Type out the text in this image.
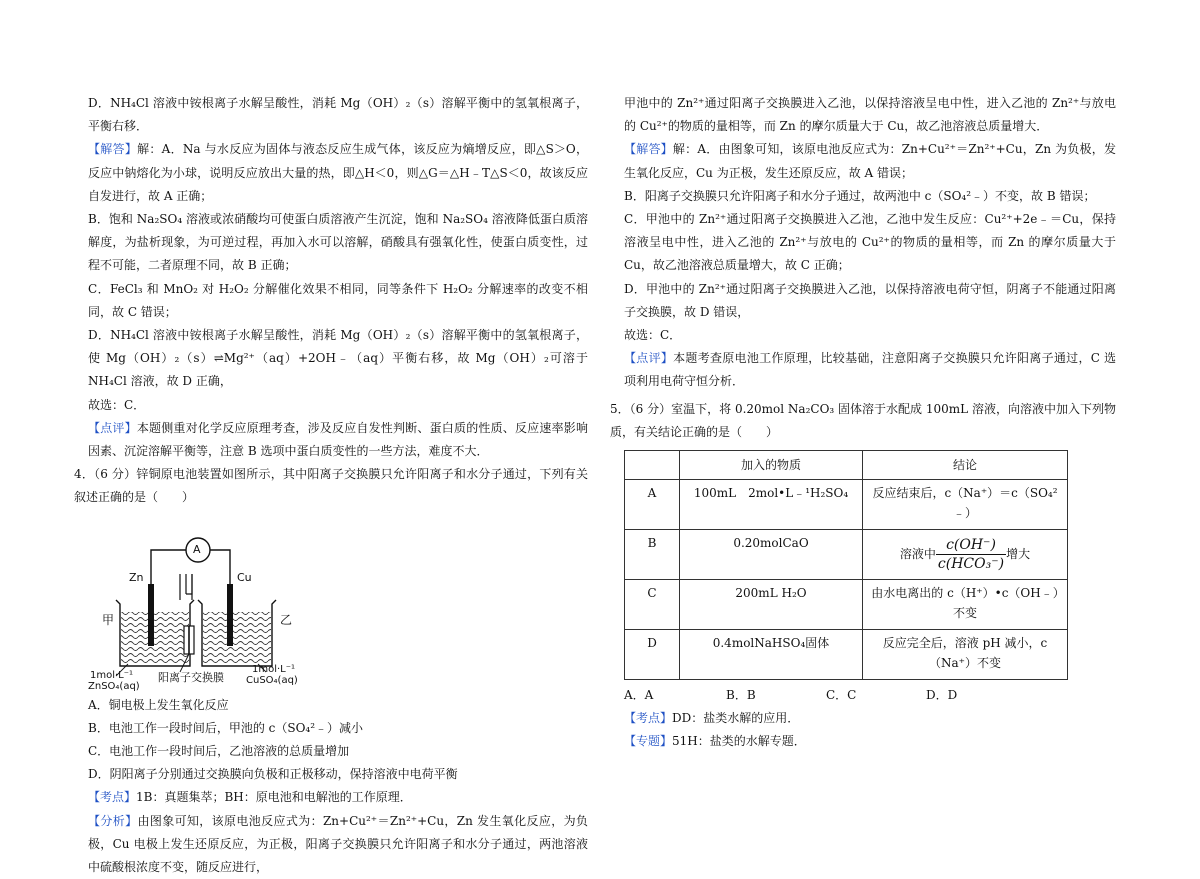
D．NH₄Cl 溶液中铵根离子水解呈酸性，消耗 Mg（OH）₂（s）溶解平衡中的氢氧根离子，平衡右移．

【解答】解：A．Na 与水反应为固体与液态反应生成气体，该反应为熵增反应，即△S＞O，反应中钠熔化为小球，说明反应放出大量的热，即△H＜0，则△G＝△H﹣T△S＜0，故该反应自发进行，故 A 正确；

B．饱和 Na₂SO₄ 溶液或浓硝酸均可使蛋白质溶液产生沉淀，饱和 Na₂SO₄ 溶液降低蛋白质溶解度，为盐析现象，为可逆过程，再加入水可以溶解，硝酸具有强氧化性，使蛋白质变性，过程不可能，二者原理不同，故 B 正确；

C．FeCl₃ 和 MnO₂ 对 H₂O₂ 分解催化效果不相同，同等条件下 H₂O₂ 分解速率的改变不相同，故 C 错误；

D．NH₄Cl 溶液中铵根离子水解呈酸性，消耗 Mg（OH）₂（s）溶解平衡中的氢氧根离子，使 Mg（OH）₂（s）⇌Mg²⁺（aq）+2OH﹣（aq）平衡右移，故 Mg（OH）₂可溶于 NH₄Cl 溶液，故 D 正确，

故选：C．

【点评】本题侧重对化学反应原理考查，涉及反应自发性判断、蛋白质的性质、反应速率影响因素、沉淀溶解平衡等，注意 B 选项中蛋白质变性的一些方法，难度不大．

4．（6 分）锌铜原电池装置如图所示，其中阳离子交换膜只允许阳离子和水分子通过，下列有关叙述正确的是（　　）

A
Zn	Cu
甲	乙
阳离子交换膜
1mol·L⁻¹
ZnSO₄(aq)
1mol·L⁻¹
CuSO₄(aq)

A．铜电极上发生氧化反应

B．电池工作一段时间后，甲池的 c（SO₄²﹣）减小

C．电池工作一段时间后，乙池溶液的总质量增加

D．阴阳离子分别通过交换膜向负极和正极移动，保持溶液中电荷平衡

【考点】1B：真题集萃；BH：原电池和电解池的工作原理．

【分析】由图象可知，该原电池反应式为：Zn+Cu²⁺＝Zn²⁺+Cu，Zn 发生氧化反应，为负极，Cu 电极上发生还原反应，为正极，阳离子交换膜只允许阳离子和水分子通过，两池溶液中硫酸根浓度不变，随反应进行，

甲池中的 Zn²⁺通过阳离子交换膜进入乙池，以保持溶液呈电中性，进入乙池的 Zn²⁺与放电的 Cu²⁺的物质的量相等，而 Zn 的摩尔质量大于 Cu，故乙池溶液总质量增大．

【解答】解：A．由图象可知，该原电池反应式为：Zn+Cu²⁺＝Zn²⁺+Cu，Zn 为负极，发生氧化反应，Cu 为正极，发生还原反应，故 A 错误；

B．阳离子交换膜只允许阳离子和水分子通过，故两池中 c（SO₄²﹣）不变，故 B 错误；

C．甲池中的 Zn²⁺通过阳离子交换膜进入乙池，乙池中发生反应：Cu²⁺+2e﹣＝Cu，保持溶液呈电中性，进入乙池的 Zn²⁺与放电的 Cu²⁺的物质的量相等，而 Zn 的摩尔质量大于 Cu，故乙池溶液总质量增大，故 C 正确；

D．甲池中的 Zn²⁺通过阳离子交换膜进入乙池，以保持溶液电荷守恒，阴离子不能通过阳离子交换膜，故 D 错误，

故选：C．

【点评】本题考查原电池工作原理，比较基础，注意阳离子交换膜只允许阳离子通过，C 选项利用电荷守恒分析．

5．（6 分）室温下，将 0.20mol Na₂CO₃ 固体溶于水配成 100mL 溶液，向溶液中加入下列物质，有关结论正确的是（　　）

	加入的物质	结论
A	100mL　2mol•L﹣¹H₂SO₄	反应结束后，c（Na⁺）＝c（SO₄²﹣）
B	0.20molCaO	溶液中 $\frac{c(OH^-)}{\text{c(HCO₃⁻)}}$ 增大
C	200mL H₂O	由水电离出的 c（H⁺）•c（OH﹣）不变
D	0.4molNaHSO₄固体	反应完全后，溶液 pH 减小，c（Na⁺）不变

A．A	B．B	C．C	D．D

【考点】DD：盐类水解的应用．

【专题】51H：盐类的水解专题．
